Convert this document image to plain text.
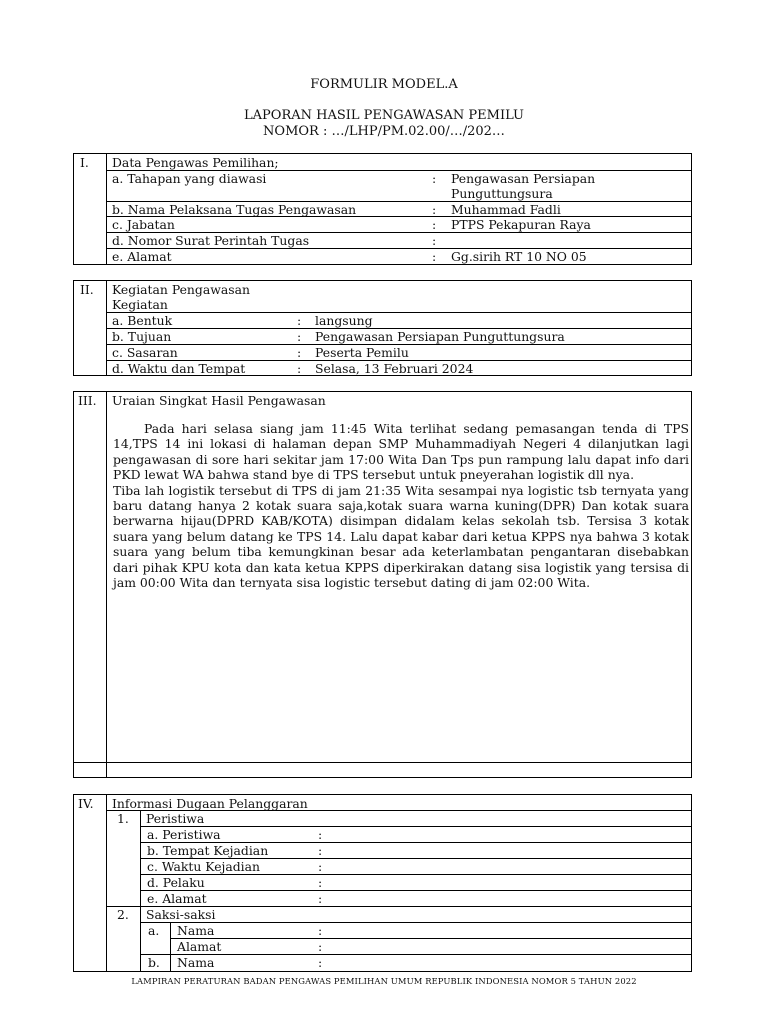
FORMULIR MODEL.A
LAPORAN HASIL PENGAWASAN PEMILU
NOMOR : …/LHP/PM.02.00/…/202…
I. Data Pengawas Pemilihan;
a. Tahapan yang diawasi	: Pengawasan Persiapan
Punguttungsura
b. Nama Pelaksana Tugas Pengawasan	: Muhammad Fadli
c. Jabatan	: PTPS Pekapuran Raya
d. Nomor Surat Perintah Tugas	:
e. Alamat	: Gg.sirih RT 10 NO 05
II. Kegiatan Pengawasan
Kegiatan
a. Bentuk	: langsung
b. Tujuan	: Pengawasan Persiapan Punguttungsura
c. Sasaran	: Peserta Pemilu
d. Waktu dan Tempat	: Selasa, 13 Februari 2024
III. Uraian Singkat Hasil Pengawasan

Pada hari selasa siang jam 11:45 Wita terlihat sedang pemasangan tenda di TPS 14,TPS 14 ini lokasi di halaman depan SMP Muhammadiyah Negeri 4 dilanjutkan lagi pengawasan di sore hari sekitar jam 17:00 Wita Dan Tps pun rampung lalu dapat info dari PKD lewat WA bahwa stand bye di TPS tersebut untuk pneyerahan logistik dll nya.

Tiba lah logistik tersebut di TPS di jam 21:35 Wita sesampai nya logistic tsb ternyata yang baru datang hanya 2 kotak suara saja,kotak suara warna kuning(DPR) Dan kotak suara berwarna hijau(DPRD KAB/KOTA) disimpan didalam kelas sekolah tsb. Tersisa 3 kotak suara yang belum datang ke TPS 14. Lalu dapat kabar dari ketua KPPS nya bahwa 3 kotak suara yang belum tiba kemungkinan besar ada keterlambatan pengantaran disebabkan dari pihak KPU kota dan kata ketua KPPS diperkirakan datang sisa logistik yang tersisa di jam 00:00 Wita dan ternyata sisa logistic tersebut dating di jam 02:00 Wita.

IV. Informasi Dugaan Pelanggaran
1. Peristiwa
a. Peristiwa	:
b. Tempat Kejadian	:
c. Waktu Kejadian	:
d. Pelaku	:
e. Alamat	:
2. Saksi-saksi
a. Nama	:
Alamat	:
b. Nama	:
LAMPIRAN PERATURAN BADAN PENGAWAS PEMILIHAN UMUM REPUBLIK INDONESIA NOMOR 5 TAHUN 2022
